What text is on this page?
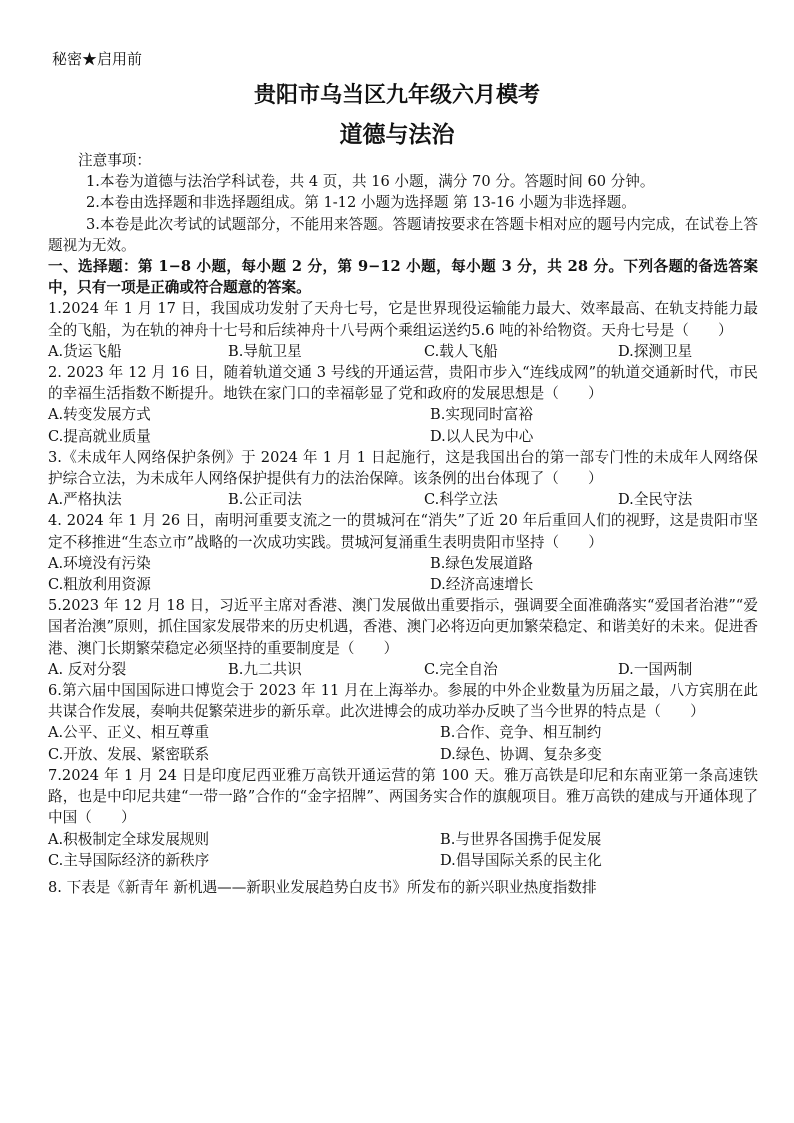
秘密★启用前
贵阳市乌当区九年级六月模考
道德与法治

注意事项：

1.本卷为道德与法治学科试卷，共 4 页，共 16 小题，满分 70 分。答题时间 60 分钟。

2.本卷由选择题和非选择题组成。第 1-12 小题为选择题 第 13-16 小题为非选择题。

3.本卷是此次考试的试题部分，不能用来答题。答题请按要求在答题卡相对应的题号内完成，在试卷上答题视为无效。

一、选择题：第 1−8 小题，每小题 2 分，第 9−12 小题，每小题 3 分，共 28 分。下列各题的备选答案中，只有一项是正确或符合题意的答案。

1.2024 年 1 月 17 日，我国成功发射了天舟七号，它是世界现役运输能力最大、效率最高、在轨支持能力最全的飞船，为在轨的神舟十七号和后续神舟十八号两个乘组运送约5.6 吨的补给物资。天舟七号是（　　）

A.货运飞船	B.导航卫星	C.载人飞船	D.探测卫星

2. 2023 年 12 月 16 日，随着轨道交通 3 号线的开通运营，贵阳市步入“连线成网”的轨道交通新时代，市民的幸福生活指数不断提升。地铁在家门口的幸福彰显了党和政府的发展思想是（　　）

A.转变发展方式	B.实现同时富裕
C.提高就业质量	D.以人民为中心

3.《未成年人网络保护条例》于 2024 年 1 月 1 日起施行，这是我国出台的第一部专门性的未成年人网络保护综合立法，为未成年人网络保护提供有力的法治保障。该条例的出台体现了（　　）

A.严格执法	B.公正司法	C.科学立法	D.全民守法

4. 2024 年 1 月 26 日，南明河重要支流之一的贯城河在“消失”了近 20 年后重回人们的视野，这是贵阳市坚定不移推进“生态立市”战略的一次成功实践。贯城河复涌重生表明贵阳市坚持（　　）

A.环境没有污染	B.绿色发展道路
C.粗放利用资源	D.经济高速增长

5.2023 年 12 月 18 日，习近平主席对香港、澳门发展做出重要指示，强调要全面准确落实“爱国者治港”“爱国者治澳”原则，抓住国家发展带来的历史机遇，香港、澳门必将迈向更加繁荣稳定、和谐美好的未来。促进香港、澳门长期繁荣稳定必须坚持的重要制度是（　　）

A. 反对分裂	B.九二共识	C.完全自治	D.一国两制

6.第六届中国国际进口博览会于 2023 年 11 月在上海举办。参展的中外企业数量为历届之最，八方宾朋在此共谋合作发展，奏响共促繁荣进步的新乐章。此次进博会的成功举办反映了当今世界的特点是（　　）

A.公平、正义、相互尊重	B.合作、竞争、相互制约
C.开放、发展、紧密联系	D.绿色、协调、复杂多变

7.2024 年 1 月 24 日是印度尼西亚雅万高铁开通运营的第 100 天。雅万高铁是印尼和东南亚第一条高速铁路，也是中印尼共建“一带一路”合作的“金字招牌”、两国务实合作的旗舰项目。雅万高铁的建成与开通体现了中国（　　）

A.积极制定全球发展规则	B.与世界各国携手促发展
C.主导国际经济的新秩序	D.倡导国际关系的民主化

8. 下表是《新青年 新机遇——新职业发展趋势白皮书》所发布的新兴职业热度指数排
